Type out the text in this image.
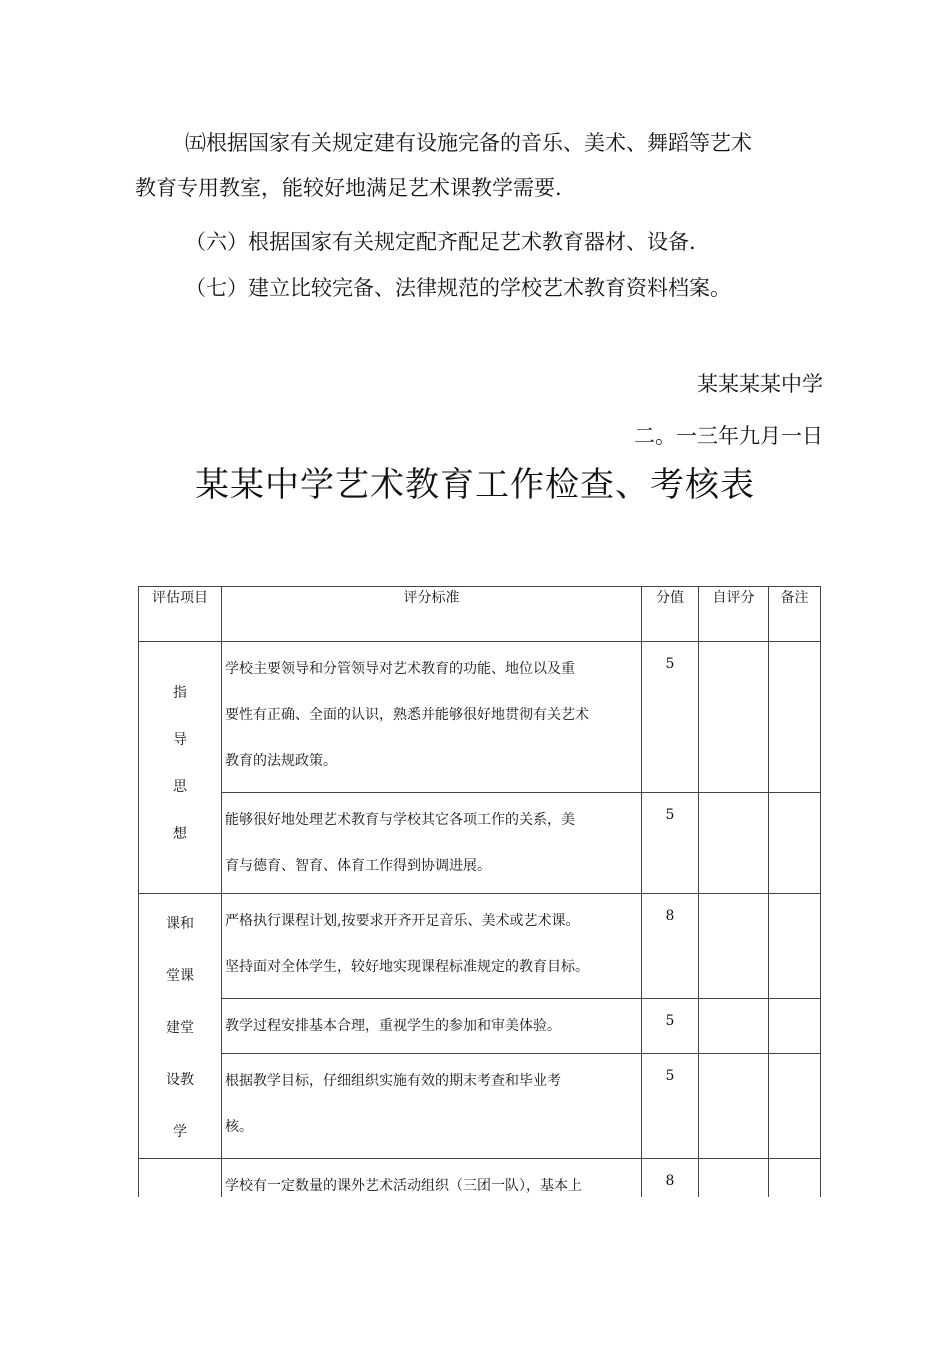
㈤根据国家有关规定建有设施完备的音乐、美术、舞蹈等艺术
教育专用教室，能较好地满足艺术课教学需要.
（六）根据国家有关规定配齐配足艺术教育器材、设备.
（七）建立比较完备、法律规范的学校艺术教育资料档案。
某某某某中学
二。一三年九月一日
某某中学艺术教育工作检查、考核表
评估项目	评分标准	分值	自评分	备注

指
导
思
想	学校主要领导和分管领导对艺术教育的功能、地位以及重
要性有正确、全面的认识，熟悉并能够很好地贯彻有关艺术
教育的法规政策。	5		

	能够很好地处理艺术教育与学校其它各项工作的关系，美
育与德育、智育、体育工作得到协调进展。	5		

课和
堂课
建堂
设教
学	严格执行课程计划,按要求开齐开足音乐、美术或艺术课。
坚持面对全体学生，较好地实现课程标准规定的教育目标。	8		

	教学过程安排基本合理，重视学生的参加和审美体验。	5		

	根据教学目标，仔细组织实施有效的期末考查和毕业考
核。	5		

	学校有一定数量的课外艺术活动组织（三团一队），基本上	8		
